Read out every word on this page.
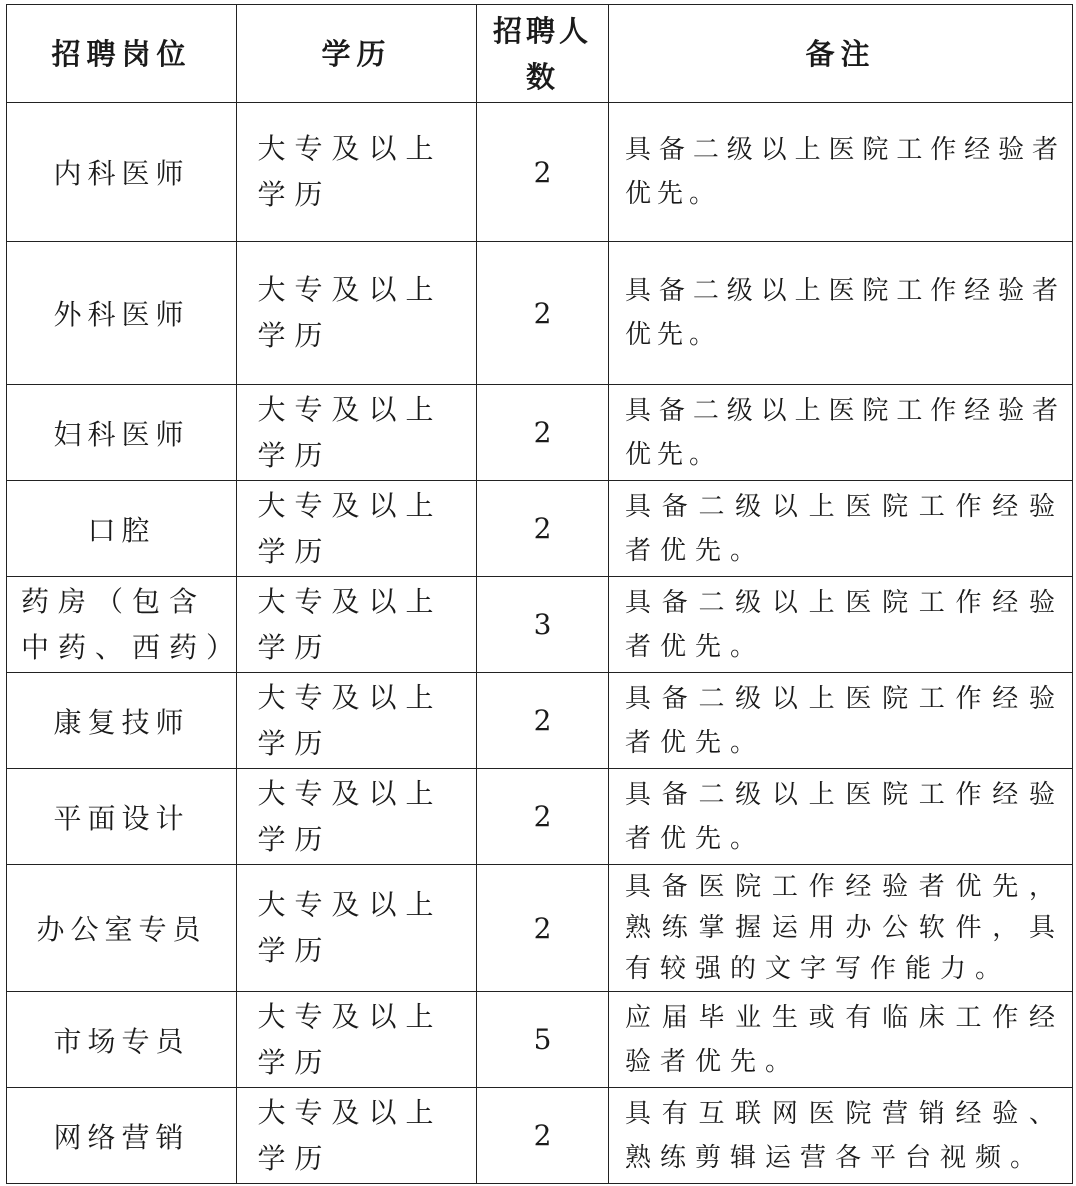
招聘岗位	学历	招聘人数	备注
内科医师	大专及以上学历	2	具备二级以上医院工作经验者优先。
外科医师	大专及以上学历	2	具备二级以上医院工作经验者优先。
妇科医师	大专及以上学历	2	具备二级以上医院工作经验者优先。
口腔	大专及以上学历	2	具备二级以上医院工作经验者优先。
药房（包含中药、西药）	大专及以上学历	3	具备二级以上医院工作经验者优先。
康复技师	大专及以上学历	2	具备二级以上医院工作经验者优先。
平面设计	大专及以上学历	2	具备二级以上医院工作经验者优先。
办公室专员	大专及以上学历	2	具备医院工作经验者优先，熟练掌握运用办公软件，具有较强的文字写作能力。
市场专员	大专及以上学历	5	应届毕业生或有临床工作经验者优先。
网络营销	大专及以上学历	2	具有互联网医院营销经验、熟练剪辑运营各平台视频。
